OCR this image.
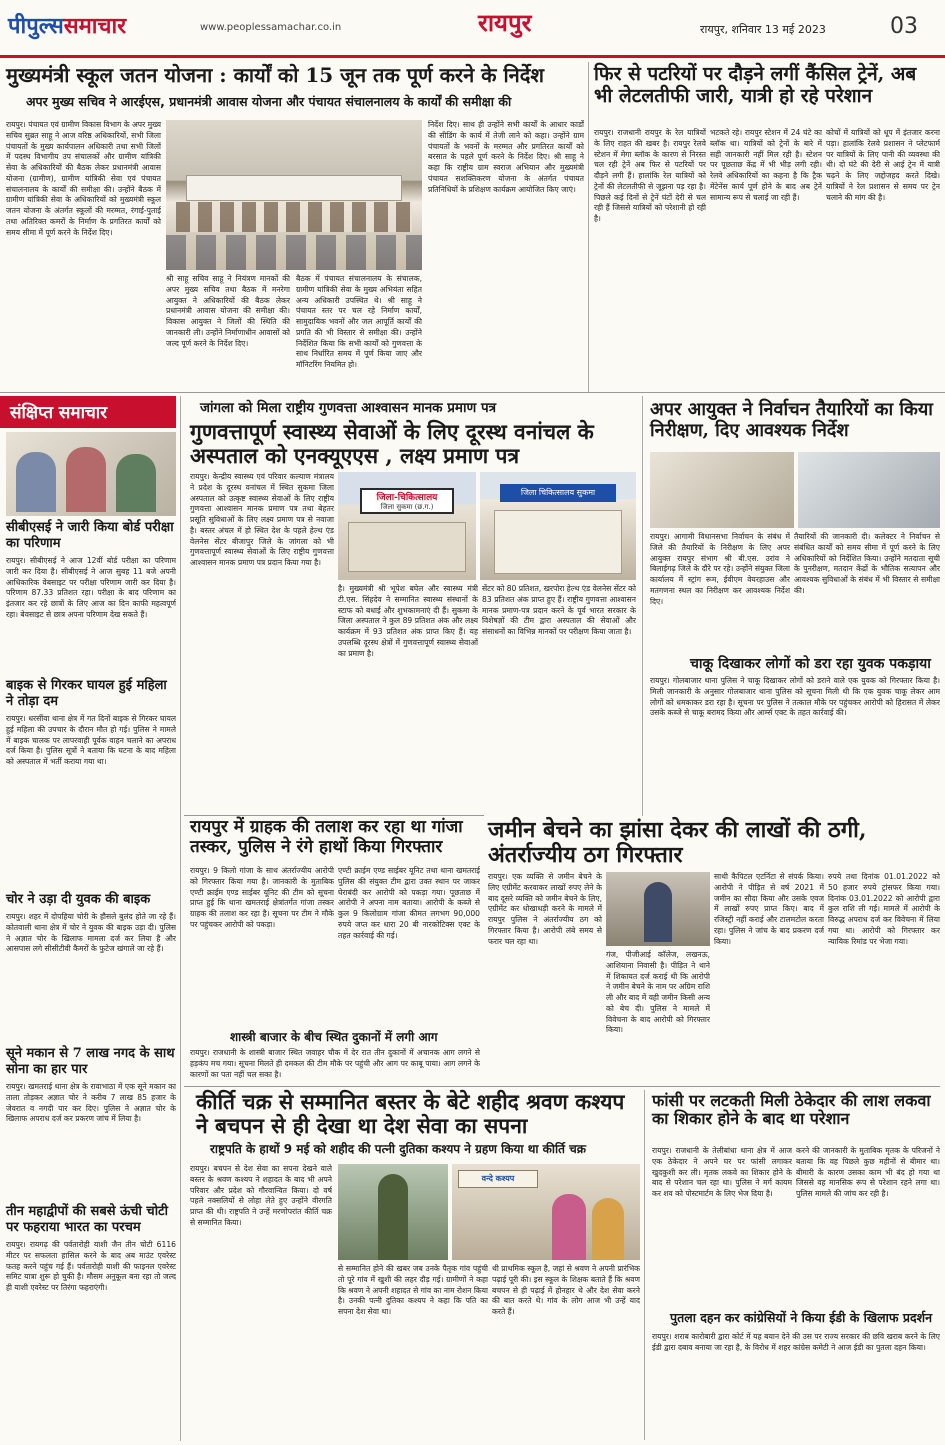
पीपुल्ससमाचार	www.peoplessamachar.co.in	रायपुर	रायपुर, शनिवार 13 मई 2023	03
मुख्यमंत्री स्कूल जतन योजना : कार्यों को 15 जून तक पूर्ण करने के निर्देश
अपर मुख्य सचिव ने आरईएस, प्रधानमंत्री आवास योजना और पंचायत संचालनालय के कार्यों की समीक्षा की
रायपुर। पंचायत एवं ग्रामीण विकास विभाग के अपर मुख्य सचिव सुब्रत साहू ने आज वरिष्ठ अधिकारियों, सभी जिला पंचायतों के मुख्य कार्यपालन अधिकारी तथा सभी जिलों में पदस्थ विभागीय उप संचालकों और ग्रामीण यांत्रिकी सेवा के अधिकारियों की बैठक लेकर प्रधानमंत्री आवास योजना (ग्रामीण), ग्रामीण यांत्रिकी सेवा एवं पंचायत संचालनालय के कार्यों की समीक्षा की। उन्होंने बैठक में ग्रामीण यांत्रिकी सेवा के अधिकारियों को मुख्यमंत्री स्कूल जतन योजना के अंतर्गत स्कूलों की मरम्मत, रंगाई-पुताई तथा अतिरिक्त कमरों के निर्माण के प्रगतिरत कार्यों को समय सीमा में पूर्ण करने के निर्देश दिए।
श्री साहू सचिव साहू ने नियंत्रण मानकों की अपर मुख्य सचिव तथा बैठक में मनरेगा आयुक्त ने अधिकारियों की बैठक लेकर प्रधानमंत्री आवास योजना की समीक्षा की। विकास आयुक्त ने जिलों की स्थिति की जानकारी ली। उन्होंने निर्माणाधीन आवासों को जल्द पूर्ण करने के निर्देश दिए।
बैठक में पंचायत संचालनालय के संचालक, ग्रामीण यांत्रिकी सेवा के मुख्य अभियंता सहित अन्य अधिकारी उपस्थित थे। श्री साहू ने पंचायत स्तर पर चल रहे निर्माण कार्यों, सामुदायिक भवनों और जल आपूर्ति कार्यों की प्रगति की भी विस्तार से समीक्षा की। उन्होंने निर्देशित किया कि सभी कार्यों को गुणवत्ता के साथ निर्धारित समय में पूर्ण किया जाए और मॉनिटरिंग नियमित हो।
निर्देश दिए। साथ ही उन्होंने सभी कार्यों के आधार कार्डों की सीडिंग के कार्य में तेजी लाने को कहा। उन्होंने ग्राम पंचायतों के भवनों के मरम्मत और प्रगतिरत कार्यों को बरसात के पहले पूर्ण करने के निर्देश दिए। श्री साहू ने कहा कि राष्ट्रीय ग्राम स्वराज अभियान और मुख्यमंत्री पंचायत सशक्तिकरण योजना के अंतर्गत पंचायत प्रतिनिधियों के प्रशिक्षण कार्यक्रम आयोजित किए जाएं।
फिर से पटरियों पर दौड़ने लगीं कैंसिल ट्रेनें, अब भी लेटलतीफी जारी, यात्री हो रहे परेशान
रायपुर। राजधानी रायपुर के रेल यात्रियों के लिए राहत की खबर है। रायपुर रेलवे स्टेशन में मेगा ब्लॉक के कारण से निरस्त चल रही ट्रेनें अब फिर से पटरियों पर दौड़ने लगी हैं। हालांकि रेल यात्रियों को ट्रेनों की लेटलतीफी से जूझना पड़ रहा है। पिछले कई दिनों से ट्रेनें घंटों देरी से चल रही हैं जिससे यात्रियों को परेशानी हो रही है।
भटकते रहे। रायपुर स्टेशन में 24 घंटे का ब्लॉक था। यात्रियों को ट्रेनों के बारे में सही जानकारी नहीं मिल रही है। स्टेशन पर पूछताछ केंद्र में भी भीड़ लगी रही। रेलवे अधिकारियों का कहना है कि ट्रैक मेंटेनेंस कार्य पूर्ण होने के बाद अब ट्रेनें सामान्य रूप से चलाई जा रही हैं।
कोचों में यात्रियों को धूप में इंतजार करना पड़ा। हालांकि रेलवे प्रशासन ने प्लेटफार्म पर यात्रियों के लिए पानी की व्यवस्था की थी। दो घंटे की देरी से आई ट्रेन में यात्री चढ़ने के लिए जद्दोजहद करते दिखे। यात्रियों ने रेल प्रशासन से समय पर ट्रेन चलाने की मांग की है।
संक्षिप्त समाचार
सीबीएसई ने जारी किया बोर्ड परीक्षा का परिणाम
रायपुर। सीबीएसई ने आज 12वीं बोर्ड परीक्षा का परिणाम जारी कर दिया है। सीबीएसई ने आज सुबह 11 बजे अपनी आधिकारिक वेबसाइट पर परीक्षा परिणाम जारी कर दिया है। परिणाम 87.33 प्रतिशत रहा। परीक्षा के बाद परिणाम का इंतजार कर रहे छात्रों के लिए आज का दिन काफी महत्वपूर्ण रहा। बेवसाइट से छात्र अपना परिणाम देख सकते हैं।
बाइक से गिरकर घायल हुई महिला ने तोड़ा दम
रायपुर। धरसींवा थाना क्षेत्र में गत दिनों बाइक से गिरकर घायल हुई महिला की उपचार के दौरान मौत हो गई। पुलिस ने मामले में बाइक चालक पर लापरवाही पूर्वक वाहन चलाने का अपराध दर्ज किया है। पुलिस सूत्रों ने बताया कि घटना के बाद महिला को अस्पताल में भर्ती कराया गया था।
चोर ने उड़ा दी युवक की बाइक
रायपुर। शहर में दोपहिया चोरी के हौसले बुलंद होते जा रहे हैं। कोतवाली थाना क्षेत्र में चोर ने युवक की बाइक उड़ा दी। पुलिस ने अज्ञात चोर के खिलाफ मामला दर्ज कर लिया है और आसपास लगे सीसीटीवी कैमरों के फुटेज खंगाले जा रहे हैं।
सूने मकान से 7 लाख नगद के साथ सोना का हार पार
रायपुर। खमतराई थाना क्षेत्र के रावाभाठा में एक सूने मकान का ताला तोड़कर अज्ञात चोर ने करीब 7 लाख 85 हजार के जेवरात व नगदी पार कर दिए। पुलिस ने अज्ञात चोर के खिलाफ अपराध दर्ज कर प्रकरण जांच में लिया है।
तीन महाद्वीपों की सबसे ऊंची चोटी पर फहराया भारत का परचम
रायपुर। रायगढ़ की पर्वतारोही याशी जैन तीन चोटी 6116 मीटर पर सफलता हासिल करने के बाद अब माउंट एवरेस्ट फतह करने पहुंच गई हैं। पर्वतारोही याशी की फाइनल एवरेस्ट समिट यात्रा शुरू हो चुकी है। मौसम अनुकूल बना रहा तो जल्द ही याशी एवरेस्ट पर तिरंगा फहराएंगी।
जांगला को मिला राष्ट्रीय गुणवत्ता आश्वासन मानक प्रमाण पत्र
गुणवत्तापूर्ण स्वास्थ्य सेवाओं के लिए दूरस्थ वनांचल के अस्पताल को एनक्यूएएस , लक्ष्य प्रमाण पत्र
रायपुर। केन्द्रीय स्वास्थ्य एवं परिवार कल्याण मंत्रालय ने प्रदेश के दूरस्थ वनांचल में स्थित सुकमा जिला अस्पताल को उत्कृष्ट स्वास्थ्य सेवाओं के लिए राष्ट्रीय गुणवत्ता आश्वासन मानक प्रमाण पत्र तथा बेहतर प्रसूति सुविधाओं के लिए लक्ष्य प्रमाण पत्र से नवाजा है। बस्तर अंचल में हो स्थित देश के पहले हेल्थ एंड वेलनेस सेंटर बीजापुर जिले के जांगला को भी गुणवत्तापूर्ण स्वास्थ्य सेवाओं के लिए राष्ट्रीय गुणवत्ता आश्वासन मानक प्रमाण पत्र प्रदान किया गया है।
जिला-चिकित्सालय
जिला सुकमा (छ.ग.)
जिला चिकित्सालय सुकमा
है। मुख्यमंत्री श्री भूपेश बघेल और स्वास्थ्य मंत्री टी.एस. सिंहदेव ने सम्मानित स्वास्थ्य संस्थानों के स्टाफ को बधाई और शुभकामनाएं दी हैं। सुकमा के जिला अस्पताल ने कुल 89 प्रतिशत अंक और लक्ष्य कार्यक्रम में 93 प्रतिशत अंक प्राप्त किए हैं। यह उपलब्धि दूरस्थ क्षेत्रों में गुणवत्तापूर्ण स्वास्थ्य सेवाओं का प्रमाण है।
सेंटर को 80 प्रतिशत, खरपोरा हेल्थ एंड वेलनेस सेंटर को 83 प्रतिशत अंक प्राप्त हुए हैं। राष्ट्रीय गुणवत्ता आश्वासन मानक प्रमाण-पत्र प्रदान करने के पूर्व भारत सरकार के विशेषज्ञों की टीम द्वारा अस्पताल की सेवाओं और संसाधनों का विभिन्न मानकों पर परीक्षण किया जाता है।
अपर आयुक्त ने निर्वाचन तैयारियों का किया निरीक्षण, दिए आवश्यक निर्देश
रायपुर। आगामी विधानसभा निर्वाचन के संबंध में जिले की तैयारियों के निरीक्षण के लिए अपर आयुक्त रायपुर संभाग श्री बी.एस. उरांव ने बिलाईगढ़ जिले के दौरे पर रहे। उन्होंने संयुक्त जिला कार्यालय में स्ट्रांग रूम, ईवीएम वेयरहाउस और मतगणना स्थल का निरीक्षण कर आवश्यक निर्देश दिए।
तैयारियों की जानकारी दी। कलेक्टर ने निर्वाचन से संबंधित कार्यों को समय सीमा में पूर्ण करने के लिए अधिकारियों को निर्देशित किया। उन्होंने मतदाता सूची के पुनरीक्षण, मतदान केंद्रों के भौतिक सत्यापन और आवश्यक सुविधाओं के संबंध में भी विस्तार से समीक्षा की।
चाकू दिखाकर लोगों को डरा रहा युवक पकड़ाया
रायपुर। गोलबाजार थाना पुलिस ने चाकू दिखाकर लोगों को डराने वाले एक युवक को गिरफ्तार किया है। मिली जानकारी के अनुसार गोलबाजार थाना पुलिस को सूचना मिली थी कि एक युवक चाकू लेकर आम लोगों को धमकाकर डरा रहा है। सूचना पर पुलिस ने तत्काल मौके पर पहुंचकर आरोपी को हिरासत में लेकर उसके कब्जे से चाकू बरामद किया और आर्म्स एक्ट के तहत कार्रवाई की।
रायपुर में ग्राहक की तलाश कर रहा था गांजा तस्कर, पुलिस ने रंगे हाथों किया गिरफ्तार
रायपुर। 9 किलो गांजा के साथ अंतर्राज्यीय आरोपी को गिरफ्तार किया गया है। जानकारी के मुताबिक एण्टी क्राईम एण्ड साईबर यूनिट की टीम को सूचना प्राप्त हुई कि थाना खमतराई क्षेत्रांतर्गत गांजा तस्कर ग्राहक की तलाश कर रहा है। सूचना पर टीम ने मौके पर पहुंचकर आरोपी को पकड़ा।
एण्टी क्राईम एण्ड साईबर यूनिट तथा थाना खमतराई पुलिस की संयुक्त टीम द्वारा उक्त स्थान पर जाकर घेराबंदी कर आरोपी को पकड़ा गया। पूछताछ में आरोपी ने अपना नाम बताया। आरोपी के कब्जे से कुल 9 किलोग्राम गांजा कीमत लगभग 90,000 रुपये जप्त कर धारा 20 बी नारकोटिक्स एक्ट के तहत कार्रवाई की गई।
शास्त्री बाजार के बीच स्थित दुकानों में लगी आग
रायपुर। राजधानी के शास्त्री बाजार स्थित जवाहर चौक में देर रात तीन दुकानों में अचानक आग लगने से हड़कंप मच गया। सूचना मिलते ही दमकल की टीम मौके पर पहुंची और आग पर काबू पाया। आग लगने के कारणों का पता नहीं चल सका है।
जमीन बेचने का झांसा देकर की लाखों की ठगी, अंतर्राज्यीय ठग गिरफ्तार
रायपुर। एक व्यक्ति से जमीन बेचने के लिए एग्रीमेंट करवाकर लाखों रुपए लेने के बाद दूसरे व्यक्ति को जमीन बेचने के लिए, एग्रीमेंट कर धोखाधड़ी करने के मामले में रायपुर पुलिस ने अंतर्राज्यीय ठग को गिरफ्तार किया है। आरोपी लंबे समय से फरार चल रहा था।
गंज, पीजीआई कॉलेज, लखनऊ, आशियाना निवासी है। पीड़ित ने थाने में शिकायत दर्ज कराई थी कि आरोपी ने जमीन बेचने के नाम पर अग्रिम राशि ली और बाद में वही जमीन किसी अन्य को बेच दी। पुलिस ने मामले में विवेचना के बाद आरोपी को गिरफ्तार किया।
साथी कैपिटल एटर्निटा से संपर्क किया। आरोपी ने पीड़ित से वर्ष 2021 में जमीन का सौदा किया और उसके एवज में लाखों रुपए प्राप्त किए। बाद में रजिस्ट्री नहीं कराई और टालमटोल करता रहा। पुलिस ने जांच के बाद प्रकरण दर्ज किया।
रुपये तथा दिनांक 01.01.2022 को 50 हजार रुपये ट्रांसफर किया गया। दिनांक 03.01.2022 को आरोपी द्वारा कुल राशि ली गई। मामले में आरोपी के विरुद्ध अपराध दर्ज कर विवेचना में लिया गया था। आरोपी को गिरफ्तार कर न्यायिक रिमांड पर भेजा गया।
कीर्ति चक्र से सम्मानित बस्तर के बेटे शहीद श्रवण कश्यप ने बचपन से ही देखा था देश सेवा का सपना
राष्ट्रपति के हाथों 9 मई को शहीद की पत्नी दुतिका कश्यप ने ग्रहण किया था कीर्ति चक्र
रायपुर। बचपन से देश सेवा का सपना देखने वाले बस्तर के श्रवण कश्यप ने शहादत के बाद भी अपने परिवार और प्रदेश को गौरवान्वित किया। दो वर्ष पहले नक्सलियों से लोहा लेते हुए उन्होंने वीरगति प्राप्त की थी। राष्ट्रपति ने उन्हें मरणोपरांत कीर्ति चक्र से सम्मानित किया।
वन्दे कश्यप
से सम्मानित होने की खबर जब उनके पैतृक गांव पहुंची तो पूरे गांव में खुशी की लहर दौड़ गई। ग्रामीणों ने कहा कि श्रवण ने अपनी शहादत से गांव का नाम रोशन किया है। उनकी पत्नी दुतिका कश्यप ने कहा कि पति का सपना देश सेवा था।
थी प्राथमिक स्कूल है, जहां से श्रवण ने अपनी प्रारंभिक पढ़ाई पूरी की। इस स्कूल के शिक्षक बताते हैं कि श्रवण बचपन से ही पढ़ाई में होनहार थे और देश सेवा करने की बात करते थे। गांव के लोग आज भी उन्हें याद करते हैं।
फांसी पर लटकती मिली ठेकेदार की लाश लकवा का शिकार होने के बाद था परेशान
रायपुर। राजधानी के तेलीबांधा थाना क्षेत्र में आज एक ठेकेदार ने अपने घर पर फांसी लगाकर खुदकुशी कर ली। मृतक लकवे का शिकार होने के बाद से परेशान चल रहा था। पुलिस ने मर्ग कायम कर शव को पोस्टमार्टम के लिए भेज दिया है।
करने की जानकारी के मुताबिक मृतक के परिजनों ने बताया कि वह पिछले कुछ महीनों से बीमार था। बीमारी के कारण उसका काम भी बंद हो गया था जिससे वह मानसिक रूप से परेशान रहने लगा था। पुलिस मामले की जांच कर रही है।
पुतला दहन कर कांग्रेसियों ने किया ईडी के खिलाफ प्रदर्शन
रायपुर। शराब कारोबारी द्वारा कोर्ट में यह बयान देने की उस पर राज्य सरकार की छवि खराब करने के लिए ईडी द्वारा दबाव बनाया जा रहा है, के विरोध में शहर कांग्रेस कमेटी ने आज ईडी का पुतला दहन किया।
